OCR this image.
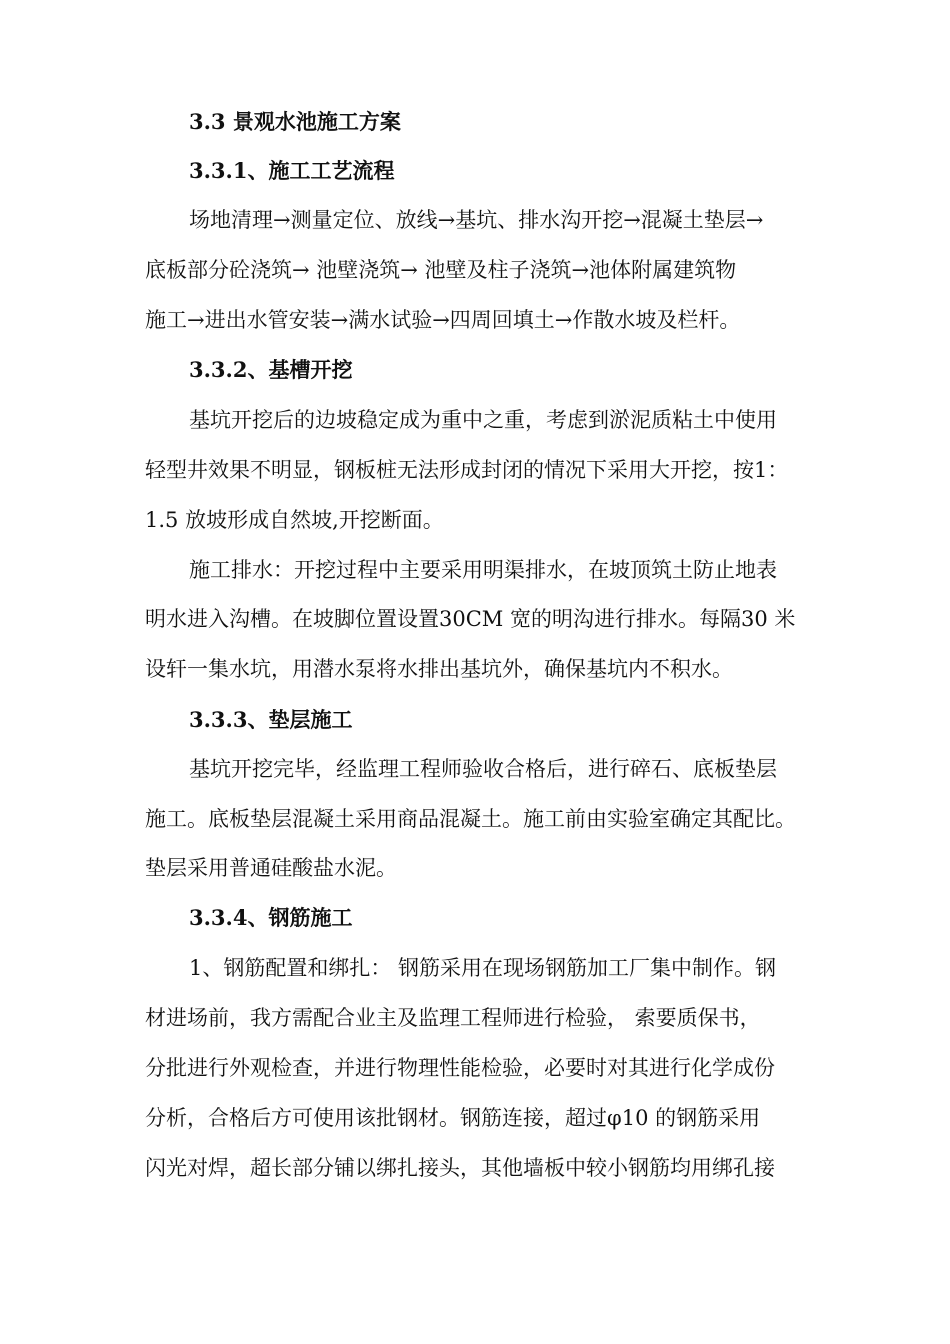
3.3 景观水池施工方案
3.3.1、施工工艺流程
场地清理→测量定位、放线→基坑、排水沟开挖→混凝土垫层→
底板部分砼浇筑→ 池壁浇筑→ 池壁及柱子浇筑→池体附属建筑物
施工→进出水管安装→满水试验→四周回填土→作散水坡及栏杆。
3.3.2、基槽开挖
基坑开挖后的边坡稳定成为重中之重，考虑到淤泥质粘土中使用
轻型井效果不明显，钢板桩无法形成封闭的情况下采用大开挖，按1：
1.5 放坡形成自然坡,开挖断面。
施工排水：开挖过程中主要采用明渠排水，在坡顶筑土防止地表
明水进入沟槽。在坡脚位置设置30CM 宽的明沟进行排水。每隔30 米
设轩一集水坑，用潜水泵将水排出基坑外，确保基坑内不积水。
3.3.3、垫层施工
基坑开挖完毕，经监理工程师验收合格后，进行碎石、底板垫层
施工。底板垫层混凝土采用商品混凝土。施工前由实验室确定其配比。
垫层采用普通硅酸盐水泥。
3.3.4、钢筋施工
1、钢筋配置和绑扎： 钢筋采用在现场钢筋加工厂集中制作。钢
材进场前，我方需配合业主及监理工程师进行检验， 索要质保书，
分批进行外观检查，并进行物理性能检验，必要时对其进行化学成份
分析，合格后方可使用该批钢材。钢筋连接，超过φ10 的钢筋采用
闪光对焊，超长部分铺以绑扎接头，其他墙板中较小钢筋均用绑孔接
